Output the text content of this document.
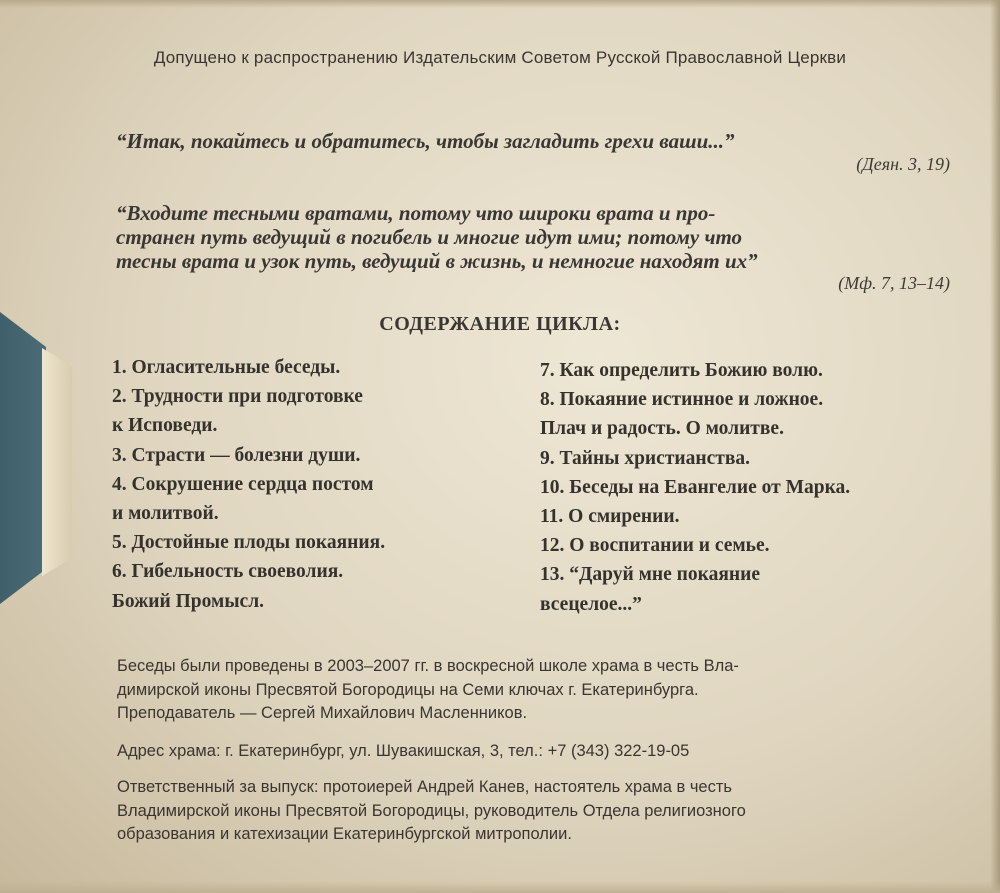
Допущено к распространению Издательским Советом Русской Православной Церкви
“Итак, покайтесь и обратитесь, чтобы загладить грехи ваши...”
(Деян. 3, 19)
“Входите тесными вратами, потому что широки врата и про-
странен путь ведущий в погибель и многие идут ими; потому что
тесны врата и узок путь, ведущий в жизнь, и немногие находят их”
(Мф. 7, 13–14)
СОДЕРЖАНИЕ ЦИКЛА:
1. Огласительные беседы.
2. Трудности при подготовке
к Исповеди.
3. Страсти — болезни души.
4. Сокрушение сердца постом
и молитвой.
5. Достойные плоды покаяния.
6. Гибельность своеволия.
Божий Промысл.
7. Как определить Божию волю.
8. Покаяние истинное и ложное.
Плач и радость. О молитве.
9. Тайны христианства.
10. Беседы на Евангелие от Марка.
11. О смирении.
12. О воспитании и семье.
13. “Даруй мне покаяние
всецелое...”
Беседы были проведены в 2003–2007 гг. в воскресной школе храма в честь Вла-
димирской иконы Пресвятой Богородицы на Семи ключах г. Екатеринбурга.
Преподаватель — Сергей Михайлович Масленников.
Адрес храма: г. Екатеринбург, ул. Шувакишская, 3, тел.: +7 (343) 322-19-05
Ответственный за выпуск: протоиерей Андрей Канев, настоятель храма в честь
Владимирской иконы Пресвятой Богородицы, руководитель Отдела религиозного
образования и катехизации Екатеринбургской митрополии.
